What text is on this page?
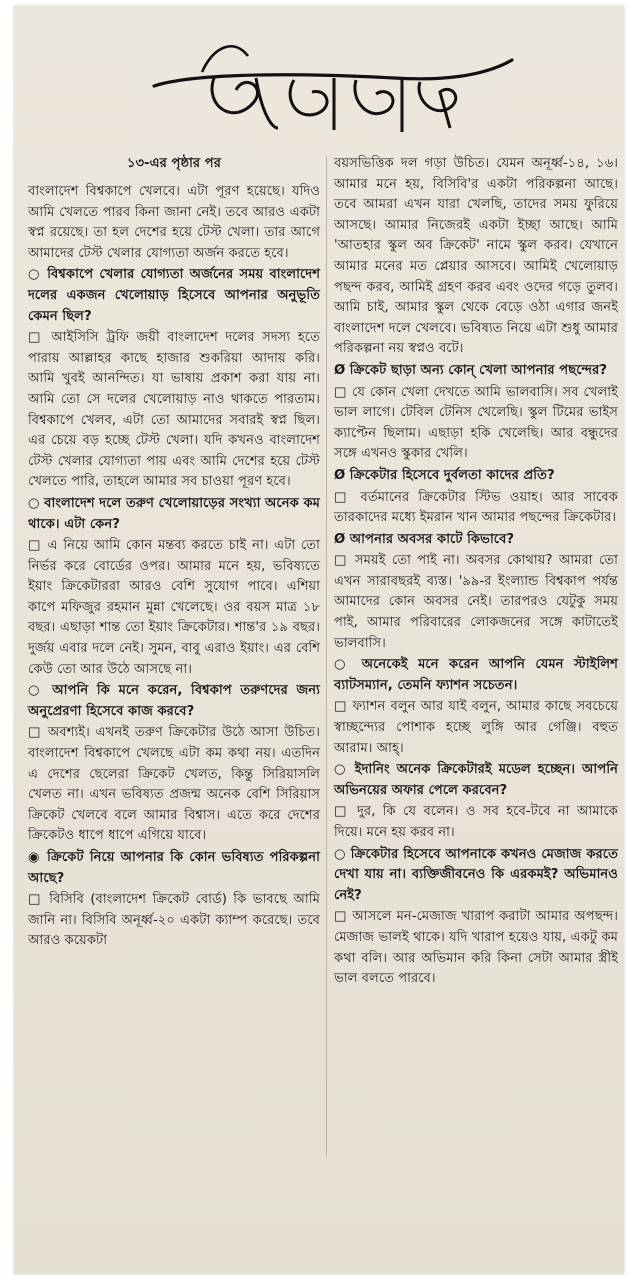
১৩-এর পৃষ্ঠার পর

বাংলাদেশ বিশ্বকাপে খেলবে। এটা পূরণ হয়েছে। যদিও আমি খেলতে পারব কিনা জানা নেই। তবে আরও একটা স্বপ্ন রয়েছে। তা হল দেশের হয়ে টেস্ট খেলা। তার আগে আমাদের টেস্ট খেলার যোগ্যতা অর্জন করতে হবে।

○ বিশ্বকাপে খেলার যোগ্যতা অর্জনের সময় বাংলাদেশ দলের একজন খেলোয়াড় হিসেবে আপনার অনুভূতি কেমন ছিল?

□ আইসিসি ট্রফি জয়ী বাংলাদেশ দলের সদস্য হতে পারায় আল্লাহর কাছে হাজার শুকরিয়া আদায় করি। আমি খুবই আনন্দিত। যা ভাষায় প্রকাশ করা যায় না। আমি তো সে দলের খেলোয়াড় নাও থাকতে পারতাম। বিশ্বকাপে খেলব, এটা তো আমাদের সবারই স্বপ্ন ছিল। এর চেয়ে বড় হচ্ছে টেস্ট খেলা। যদি কখনও বাংলাদেশ টেস্ট খেলার যোগ্যতা পায় এবং আমি দেশের হয়ে টেস্ট খেলতে পারি, তাহলে আমার সব চাওয়া পূরণ হবে।

○ বাংলাদেশ দলে তরুণ খেলোয়াড়ের সংখ্যা অনেক কম থাকে। এটা কেন?

□ এ নিয়ে আমি কোন মন্তব্য করতে চাই না। এটা তো নির্ভর করে বোর্ডের ওপর। আমার মনে হয়, ভবিষ্যতে ইয়াং ক্রিকেটাররা আরও বেশি সুযোগ পাবে। এশিয়া কাপে মফিজুর রহমান মুন্না খেলেছে। ওর বয়স মাত্র ১৮ বছর। এছাড়া শান্ত তো ইয়াং ক্রিকেটার। শান্ত'র ১৯ বছর। দুর্জয় এবার দলে নেই। সুমন, বাবু এরাও ইয়াং। এর বেশি কেউ তো আর উঠে আসছে না।

○ আপনি কি মনে করেন, বিশ্বকাপ তরুণদের জন্য অনুপ্রেরণা হিসেবে কাজ করবে?

□ অবশ্যই। এখনই তরুণ ক্রিকেটার উঠে আসা উচিত। বাংলাদেশ বিশ্বকাপে খেলছে এটা কম কথা নয়। এতদিন এ দেশের ছেলেরা ক্রিকেট খেলত, কিন্তু সিরিয়াসলি খেলত না। এখন ভবিষ্যত প্রজন্ম অনেক বেশি সিরিয়াস ক্রিকেট খেলবে বলে আমার বিশ্বাস। এতে করে দেশের ক্রিকেটও ধাপে ধাপে এগিয়ে যাবে।

◉ ক্রিকেট নিয়ে আপনার কি কোন ভবিষ্যত পরিকল্পনা আছে?

□ বিসিবি (বাংলাদেশ ক্রিকেট বোর্ড) কি ভাবছে আমি জানি না। বিসিবি অনূর্ধ্ব-২০ একটা ক্যাম্প করেছে। তবে আরও কয়েকটা

বয়সভিত্তিক দল গড়া উচিত। যেমন অনূর্ধ্ব-১৪, ১৬। আমার মনে হয়, বিসিবি'র একটা পরিকল্পনা আছে। তবে আমরা এখন যারা খেলছি, তাদের সময় ফুরিয়ে আসছে। আমার নিজেরই একটা ইচ্ছা আছে। আমি 'আতহার স্কুল অব ক্রিকেট' নামে স্কুল করব। যেখানে আমার মনের মত প্লেয়ার আসবে। আমিই খেলোয়াড় পছন্দ করব, আমিই গ্রহণ করব এবং ওদের গড়ে তুলব। আমি চাই, আমার স্কুল থেকে বেড়ে ওঠা এগার জনই বাংলাদেশ দলে খেলবে। ভবিষ্যত নিয়ে এটা শুধু আমার পরিকল্পনা নয় স্বপ্নও বটে।

Ø ক্রিকেট ছাড়া অন্য কোন্ খেলা আপনার পছন্দের?

□ যে কোন খেলা দেখতে আমি ভালবাসি। সব খেলাই ভাল লাগে। টেবিল টেনিস খেলেছি। স্কুল টিমের ভাইস ক্যাপ্টেন ছিলাম। এছাড়া হকি খেলেছি। আর বন্ধুদের সঙ্গে এখনও স্কুকার খেলি।

Ø ক্রিকেটার হিসেবে দুর্বলতা কাদের প্রতি?

□ বর্তমানের ক্রিকেটার স্টিভ ওয়াহ। আর সাবেক তারকাদের মধ্যে ইমরান খান আমার পছন্দের ক্রিকেটার।

Ø আপনার অবসর কাটে কিভাবে?

□ সময়ই তো পাই না। অবসর কোথায়? আমরা তো এখন সারাবছরই ব্যস্ত। '৯৯-র ইংল্যান্ড বিশ্বকাপ পর্যন্ত আমাদের কোন অবসর নেই। তারপরও যেটুকু সময় পাই, আমার পরিবারের লোকজনের সঙ্গে কাটাতেই ভালবাসি।

○ অনেকেই মনে করেন আপনি যেমন স্টাইলিশ ব্যাটসম্যান, তেমনি ফ্যাশন সচেতন।

□ ফ্যাশন বলুন আর যাই বলুন, আমার কাছে সবচেয়ে স্বাচ্ছন্দ্যের পোশাক হচ্ছে লুঙ্গি আর গেঞ্জি। বহুত আরাম। আহ্।

○ ইদানিং অনেক ক্রিকেটারই মডেল হচ্ছেন। আপনি অভিনয়ের অফার পেলে করবেন?

□ দুর, কি যে বলেন। ও সব হবে-টবে না আমাকে দিয়ে। মনে হয় করব না।

○ ক্রিকেটার হিসেবে আপনাকে কখনও মেজাজ করতে দেখা যায় না। ব্যক্তিজীবনেও কি এরকমই? অভিমানও নেই?

□ আসলে মন-মেজাজ খারাপ করাটা আমার অপছন্দ। মেজাজ ভালই থাকে। যদি খারাপ হয়েও যায়, একটু কম কথা বলি। আর অভিমান করি কিনা সেটা আমার স্ত্রীই ভাল বলতে পারবে।
